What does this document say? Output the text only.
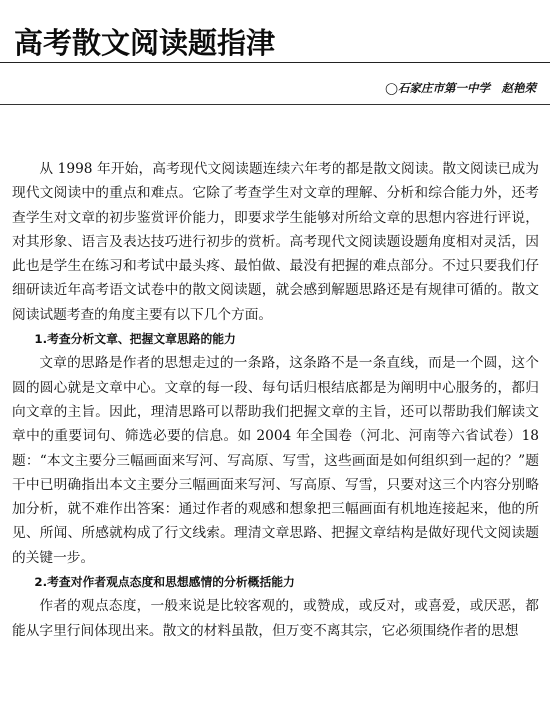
高考散文阅读题指津
◯石家庄市第一中学　赵艳荣

从 1998 年开始，高考现代文阅读题连续六年考的都是散文阅读。散文阅读已成为现代文阅读中的重点和难点。它除了考查学生对文章的理解、分析和综合能力外，还考查学生对文章的初步鉴赏评价能力，即要求学生能够对所给文章的思想内容进行评说，对其形象、语言及表达技巧进行初步的赏析。高考现代文阅读题设题角度相对灵活，因此也是学生在练习和考试中最头疼、最怕做、最没有把握的难点部分。不过只要我们仔细研读近年高考语文试卷中的散文阅读题，就会感到解题思路还是有规律可循的。散文阅读试题考查的角度主要有以下几个方面。

1.考查分析文章、把握文章思路的能力

文章的思路是作者的思想走过的一条路，这条路不是一条直线，而是一个圆，这个圆的圆心就是文章中心。文章的每一段、每句话归根结底都是为阐明中心服务的，都归向文章的主旨。因此，理清思路可以帮助我们把握文章的主旨，还可以帮助我们解读文章中的重要词句、筛选必要的信息。如 2004 年全国卷（河北、河南等六省试卷）18 题：“本文主要分三幅画面来写河、写高原、写雪，这些画面是如何组织到一起的？”题干中已明确指出本文主要分三幅画面来写河、写高原、写雪，只要对这三个内容分别略加分析，就不难作出答案：通过作者的观感和想象把三幅画面有机地连接起来，他的所见、所闻、所感就构成了行文线索。理清文章思路、把握文章结构是做好现代文阅读题的关键一步。

2.考查对作者观点态度和思想感情的分析概括能力

作者的观点态度，一般来说是比较客观的，或赞成，或反对，或喜爱，或厌恶，都能从字里行间体现出来。散文的材料虽散，但万变不离其宗，它必须围绕作者的思想
